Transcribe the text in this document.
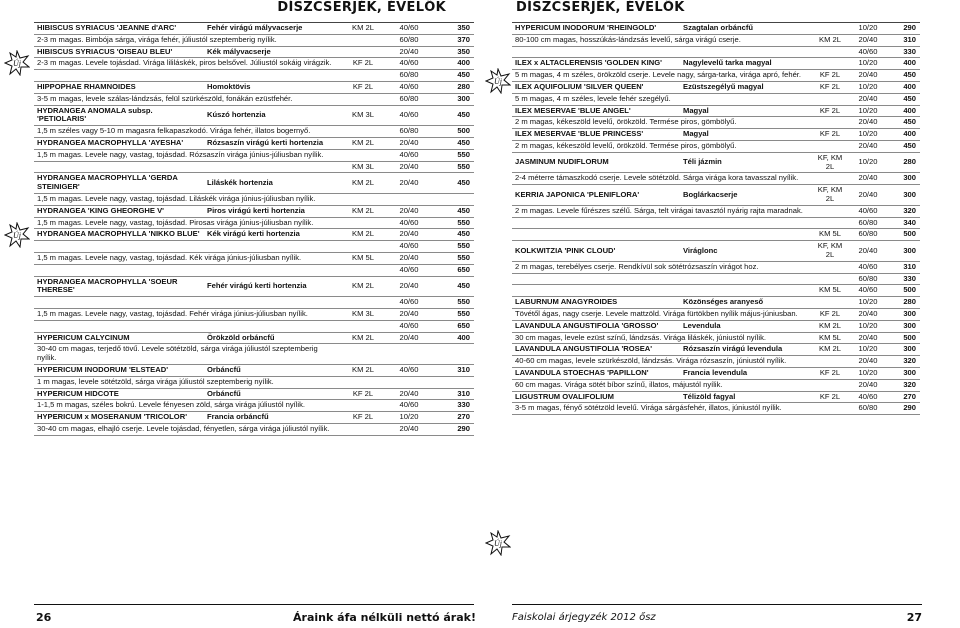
DÍSZCSERJÉK, ÉVELŐK
HIBISCUS SYRIACUS 'JEANNE d'ARC'	Fehér virágú mályvacserje	KM 2L	40/60	350
2-3 m magas. Bimbója sárga, virága fehér, júliustól szeptemberig nyílik.			60/80	370
HIBISCUS SYRIACUS 'OISEAU BLEU'	Kék mályvacserje		20/40	350
2-3 m magas. Levele tojásdad. Virága lililáskék, piros belsővel. Júliustól sokáig virágzik.		KF 2L	40/60	400
			60/80	450
HIPPOPHAE RHAMNOIDES	Homoktövis	KF 2L	40/60	280
3-5 m magas, levele szálas-lándzsás, felül szürkészöld, fonákán ezüstfehér.			60/80	300
HYDRANGEA ANOMALA subsp. 'PETIOLARIS'	Kúszó hortenzia	KM 3L	40/60	450
1,5 m széles vagy 5-10 m magasra felkapaszkodó. Virága fehér, illatos bogernyő.			60/80	500
HYDRANGEA MACROPHYLLA 'AYESHA'	Rózsaszín virágú kerti hortenzia	KM 2L	20/40	450
1,5 m magas. Levele nagy, vastag, tojásdad. Rózsaszín virága június-júliusban nyílik.			40/60	550
		KM 3L	20/40	550
HYDRANGEA MACROPHYLLA 'GERDA STEINIGER'	Liláskék hortenzia	KM 2L	20/40	450
1,5 m magas. Levele nagy, vastag, tojásdad. Liláskék virága június-júliusban nyílik.				
HYDRANGEA 'KING GHEORGHE V'	Piros virágú kerti hortenzia	KM 2L	20/40	450
1,5 m magas. Levele nagy, vastag, tojásdad. Pirosas virága június-júliusban nyílik.			40/60	550
HYDRANGEA MACROPHYLLA 'NIKKO BLUE'	Kék virágú kerti hortenzia	KM 2L	20/40	450
			40/60	550
1,5 m magas. Levele nagy, vastag, tojásdad. Kék virága június-júliusban nyílik.		KM 5L	20/40	550
			40/60	650
HYDRANGEA MACROPHYLLA 'SOEUR THERESE'	Fehér virágú kerti hortenzia	KM 2L	20/40	450
			40/60	550
1,5 m magas. Levele nagy, vastag, tojásdad. Fehér virága június-júliusban nyílik.		KM 3L	20/40	550
			40/60	650
HYPERICUM CALYCINUM	Örökzöld orbáncfű	KM 2L	20/40	400
30-40 cm magas, terjedő tövű. Levele sötétzöld, sárga virága júliustól szeptemberig nyílik.				
HYPERICUM INODORUM 'ELSTEAD'	Orbáncfű	KM 2L	40/60	310
1 m magas, levele sötétzöld, sárga virága júliustól szeptemberig nyílik.				
HYPERICUM HIDCOTE	Orbáncfű	KF 2L	20/40	310
1-1,5 m magas, széles bokrú. Levele fényesen zöld, sárga virága júliustól nyílik.			40/60	330
HYPERICUM x MOSERANUM 'TRICOLOR'	Francia orbáncfű	KF 2L	10/20	270
30-40 cm magas, elhajló cserje. Levele tojásdad, fényetlen, sárga virága júliustól nyílik.			20/40	290
DÍSZCSERJÉK, ÉVELŐK
HYPERICUM INODORUM 'RHEINGOLD'	Szagtalan orbáncfű		10/20	290
80-100 cm magas, hosszúkás-lándzsás levelű, sárga virágú cserje.		KM 2L	20/40	310
			40/60	330
ILEX x ALTACLERENSIS 'GOLDEN KING'	Nagylevelű tarka magyal		10/20	400
5 m magas, 4 m széles, örökzöld cserje. Levele nagy, sárga-tarka, virága apró, fehér.		KF 2L	20/40	450
ILEX AQUIFOLIUM 'SILVER QUEEN'	Ezüstszegélyű magyal	KF 2L	10/20	400
5 m magas, 4 m széles, levele fehér szegélyű.			20/40	450
ILEX MESERVAE 'BLUE ANGEL'	Magyal	KF 2L	10/20	400
2 m magas, kékeszöld levelű, örökzöld. Termése piros, gömbölyű.			20/40	450
ILEX MESERVAE 'BLUE PRINCESS'	Magyal	KF 2L	10/20	400
2 m magas, kékeszöld levelű, örökzöld. Termése piros, gömbölyű.			20/40	450
JASMINUM NUDIFLORUM	Téli jázmin	KF, KM 2L	10/20	280
2-4 méterre támaszkodó cserje. Levele sötétzöld. Sárga virága kora tavasszal nyílik.			20/40	300
KERRIA JAPONICA 'PLENIFLORA'	Boglárkacserje	KF, KM 2L	20/40	300
2 m magas. Levele fűrészes szélű. Sárga, telt virágai tavasztól nyárig rajta maradnak.			40/60	320
			60/80	340
		KM 5L	60/80	500
KOLKWITZIA 'PINK CLOUD'	Viráglonc	KF, KM 2L	20/40	300
2 m magas, terebélyes cserje. Rendkívül sok sötétrózsaszín virágot hoz.			40/60	310
			60/80	330
		KM 5L	40/60	500
LABURNUM ANAGYROIDES	Közönséges aranyeső		10/20	280
Tövétől ágas, nagy cserje. Levele mattzöld. Virága fürtökben nyílik május-júniusban.		KF 2L	20/40	300
LAVANDULA ANGUSTIFOLIA 'GROSSO'	Levendula	KM 2L	10/20	300
30 cm magas, levele ezüst színű, lándzsás. Virága liláskék, júniustól nyílik.		KM 5L	20/40	500
LAVANDULA ANGUSTIFOLIA 'ROSEA'	Rózsaszín virágú levendula	KM 2L	10/20	300
40-60 cm magas, levele szürkészöld, lándzsás. Virága rózsaszín, júniustól nyílik.			20/40	320
LAVANDULA STOECHAS 'PAPILLON'	Francia levendula	KF 2L	10/20	300
60 cm magas. Virága sötét bíbor színű, illatos, májustól nyílik.			20/40	320
LIGUSTRUM OVALIFOLIUM	Télizöld fagyal	KF 2L	40/60	270
3-5 m magas, fényő sötétzöld levelű. Virága sárgásfehér, illatos, júniustól nyílik.			60/80	290
Új
Új
Új
Új
26	Áraink áfa nélküli nettó árak!	Faiskolai árjegyzék 2012 ősz	27
